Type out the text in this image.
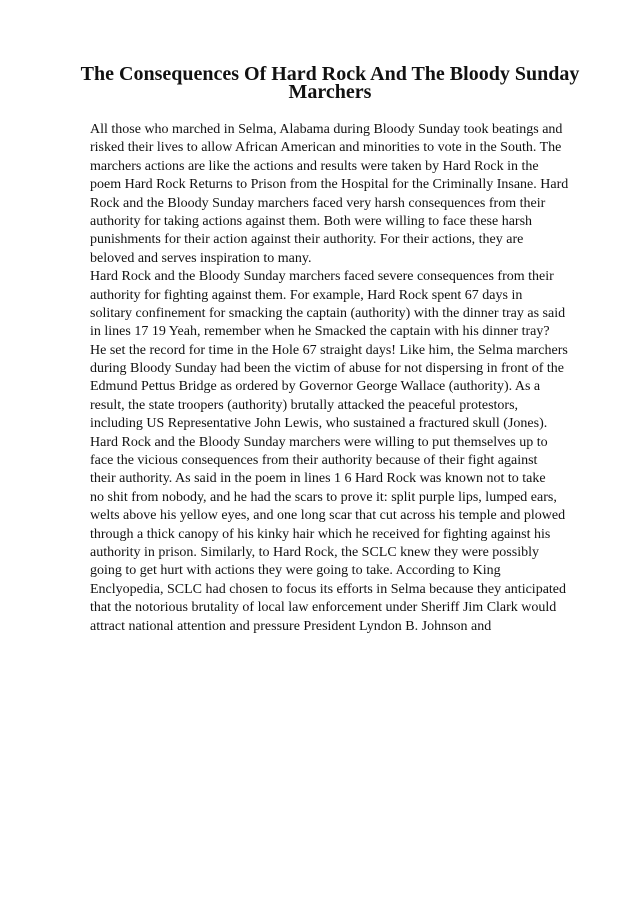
The Consequences Of Hard Rock And The Bloody Sunday
Marchers
All those who marched in Selma, Alabama during Bloody Sunday took beatings and
risked their lives to allow African American and minorities to vote in the South. The
marchers actions are like the actions and results were taken by Hard Rock in the
poem Hard Rock Returns to Prison from the Hospital for the Criminally Insane. Hard
Rock and the Bloody Sunday marchers faced very harsh consequences from their
authority for taking actions against them. Both were willing to face these harsh
punishments for their action against their authority. For their actions, they are
beloved and serves inspiration to many.
Hard Rock and the Bloody Sunday marchers faced severe consequences from their
authority for fighting against them. For example, Hard Rock spent 67 days in
solitary confinement for smacking the captain (authority) with the dinner tray as said
in lines 17 19 Yeah, remember when he Smacked the captain with his dinner tray?
He set the record for time in the Hole 67 straight days! Like him, the Selma marchers
during Bloody Sunday had been the victim of abuse for not dispersing in front of the
Edmund Pettus Bridge as ordered by Governor George Wallace (authority). As a
result, the state troopers (authority) brutally attacked the peaceful protestors,
including US Representative John Lewis, who sustained a fractured skull (Jones).
Hard Rock and the Bloody Sunday marchers were willing to put themselves up to
face the vicious consequences from their authority because of their fight against
their authority. As said in the poem in lines 1 6 Hard Rock was known not to take
no shit from nobody, and he had the scars to prove it: split purple lips, lumped ears,
welts above his yellow eyes, and one long scar that cut across his temple and plowed
through a thick canopy of his kinky hair which he received for fighting against his
authority in prison. Similarly, to Hard Rock, the SCLC knew they were possibly
going to get hurt with actions they were going to take. According to King
Enclyopedia, SCLC had chosen to focus its efforts in Selma because they anticipated
that the notorious brutality of local law enforcement under Sheriff Jim Clark would
attract national attention and pressure President Lyndon B. Johnson and
